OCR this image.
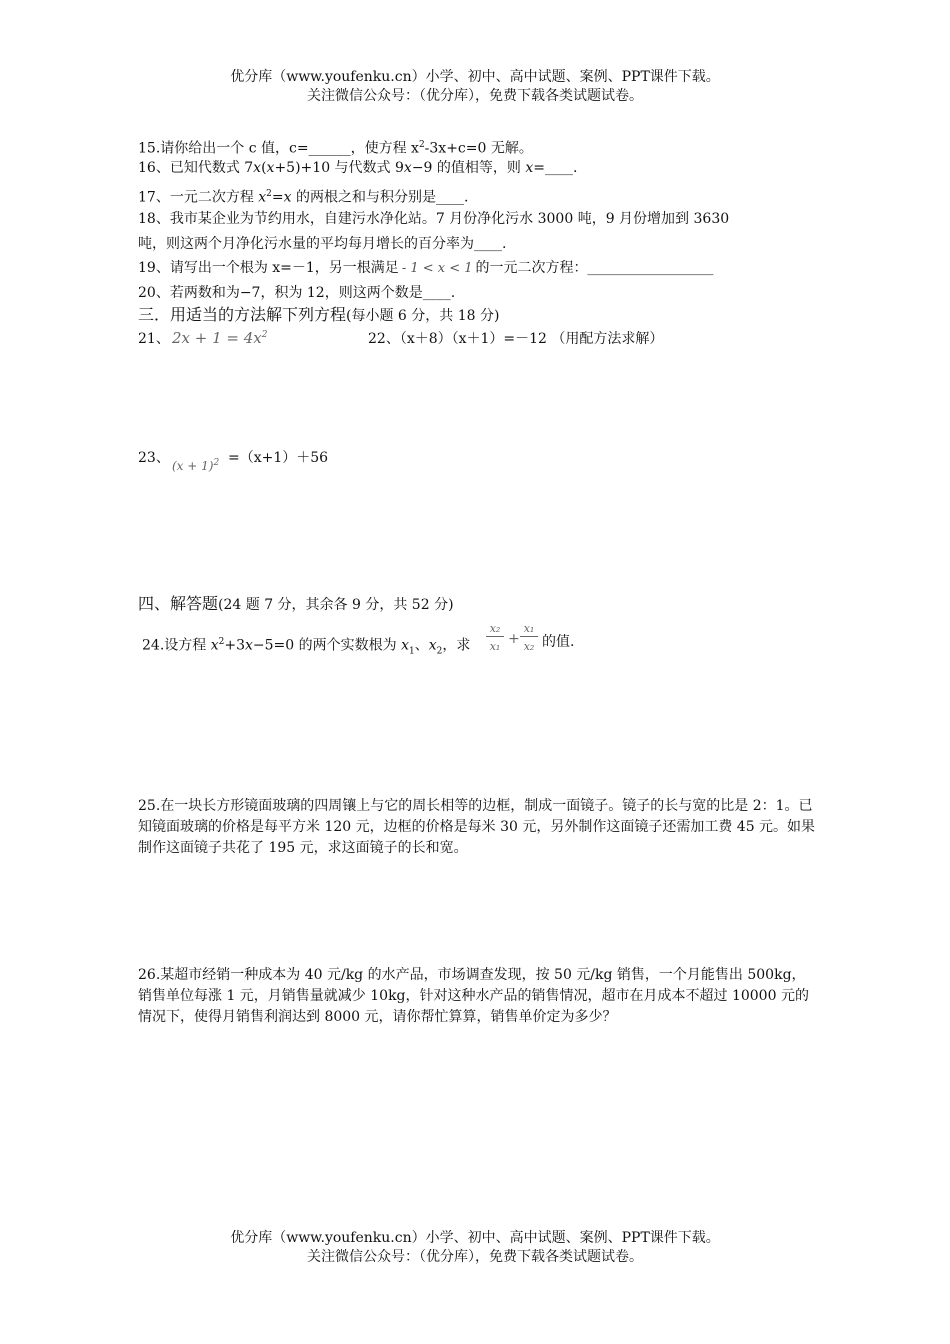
优分库（www.youfenku.cn）小学、初中、高中试题、案例、PPT课件下载。
关注微信公众号：（优分库），免费下载各类试题试卷。
15.请你给出一个 c 值，c=______，使方程 $x^2-3x+c=0$ 无解。
16、已知代数式 7x(x+5)+10 与代数式 9x−9 的值相等，则 x=____.
17、一元二次方程 $x^2=x$ 的两根之和与积分别是____.
18、我市某企业为节约用水，自建污水净化站。7 月份净化污水 3000 吨，9 月份增加到 3630
吨，则这两个月净化污水量的平均每月增长的百分率为____.
19、请写出一个根为 x=－1，另一根满足 - 1 < x < 1 的一元二次方程：__________________
20、若两数和为−7，积为 12，则这两个数是____.
三．用适当的方法解下列方程(每小题 6 分，共 18 分)
21、 $2x + 1 = 4x^2$	22、（x＋8）（x＋1）=－12 （用配方法求解）
23、 $(x + 1)^2 =(x+1)+56$
四、解答题(24 题 7 分，其余各 9 分，共 52 分)
24.设方程 $x^2+3x-5=0$ 的两个实数根为 $x_1$、$x_2$，求 $\frac{\text{x₂}}{\text{x₁}} + \frac{\text{x₁}}{\text{x₂}}$ 的值.
25.在一块长方形镜面玻璃的四周镶上与它的周长相等的边框，制成一面镜子。镜子的长与宽的比是 2：1。已知镜面玻璃的价格是每平方米 120 元，边框的价格是每米 30 元，另外制作这面镜子还需加工费 45 元。如果制作这面镜子共花了 195 元，求这面镜子的长和宽。
26.某超市经销一种成本为 40 元/kg 的水产品，市场调查发现，按 50 元/kg 销售，一个月能售出 500kg，销售单位每涨 1 元，月销售量就减少 10kg，针对这种水产品的销售情况，超市在月成本不超过 10000 元的情况下，使得月销售利润达到 8000 元，请你帮忙算算，销售单价定为多少？
优分库（www.youfenku.cn）小学、初中、高中试题、案例、PPT课件下载。
关注微信公众号：（优分库），免费下载各类试题试卷。
